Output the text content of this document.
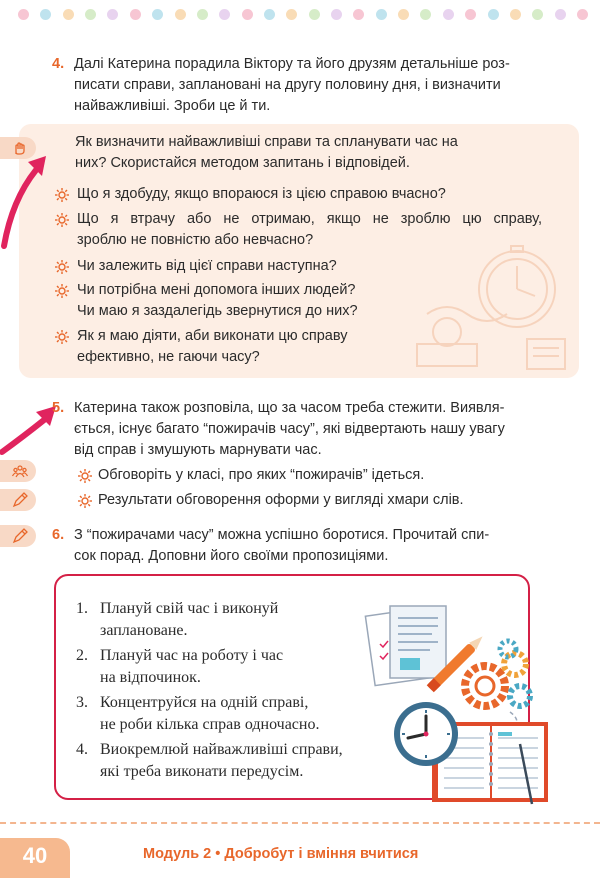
4. Далі Катерина порадила Віктору та його друзям детальніше роз-
писати справи, заплановані на другу половину дня, і визначити
найважливіші. Зроби це й ти.
Як визначити найважливіші справи та спланувати час на
них? Скористайся методом запитань і відповідей.
Що я здобуду, якщо впораюся із цією справою вчасно?
Що я втрачу або не отримаю, якщо не зроблю цю справу,
зроблю не повністю або невчасно?
Чи залежить від цієї справи наступна?
Чи потрібна мені допомога інших людей?
Чи маю я заздалегідь звернутися до них?
Як я маю діяти, аби виконати цю справу
ефективно, не гаючи часу?
5. Катерина також розповіла, що за часом треба стежити. Виявля-
ється, існує багато “пожирачів часу”, які відвертають нашу увагу
від справ і змушують марнувати час.
Обговоріть у класі, про яких “пожирачів” ідеться.
Результати обговорення оформи у вигляді хмари слів.
6. З “пожирачами часу” можна успішно боротися. Прочитай спи-
сок порад. Доповни його своїми пропозиціями.
1. Плануй свій час і виконуй
заплановане.
2. Плануй час на роботу і час
на відпочинок.
3. Концентруйся на одній справі,
не роби кілька справ одночасно.
4. Виокремлюй найважливіші справи,
які треба виконати передусім.
40	Модуль 2 • Добробут і вміння вчитися
